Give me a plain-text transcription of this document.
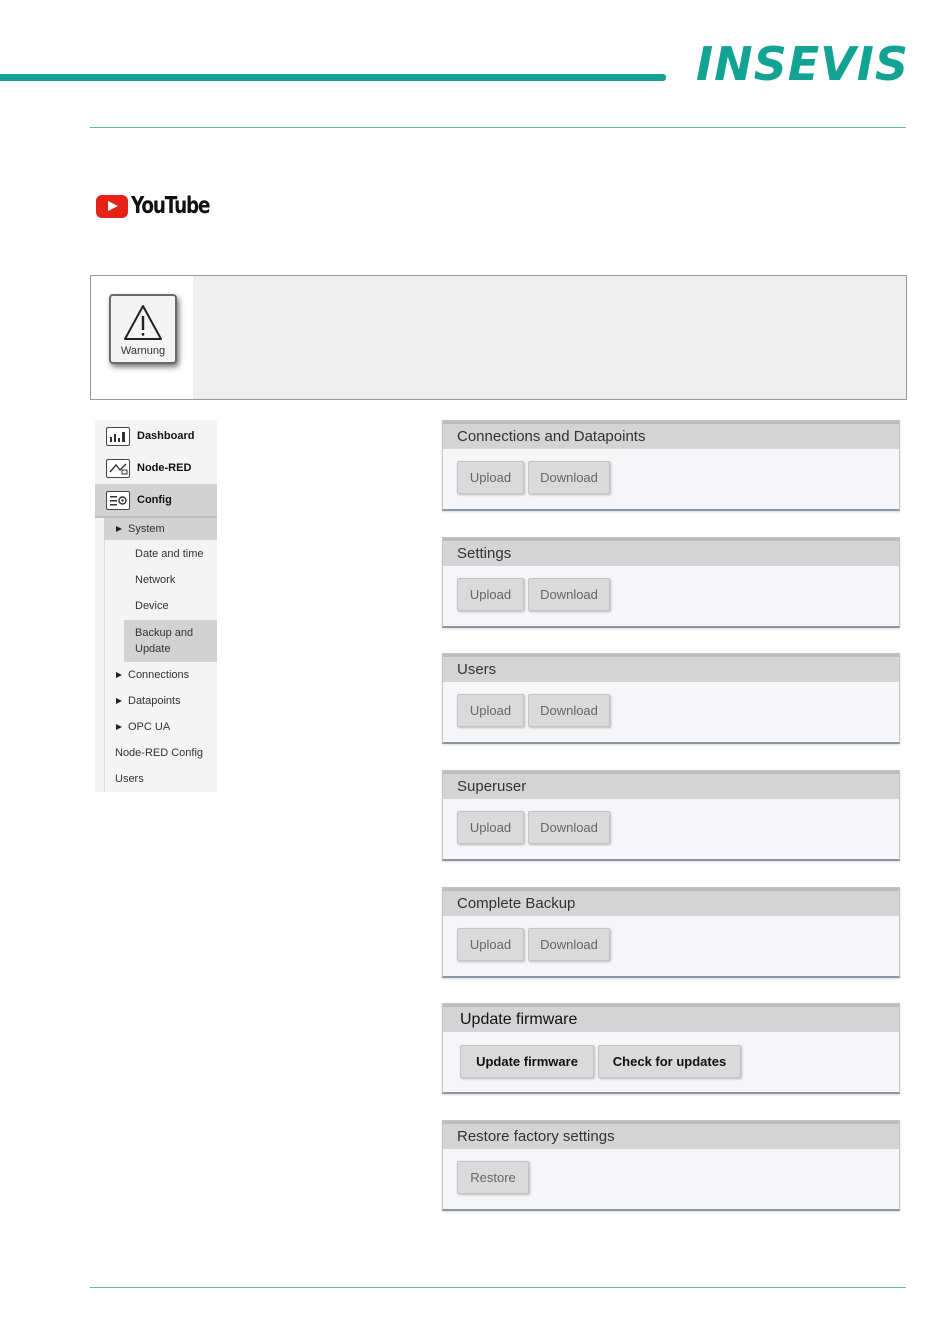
INSEVIS
YouTube
Warnung
Dashboard
Node-RED
Config
System
Date and time
Network
Device
Backup and
Update
Connections
Datapoints
OPC UA
Node-RED Config
Users
Connections and Datapoints
Upload	Download
Settings
Upload	Download
Users
Upload	Download
Superuser
Upload	Download
Complete Backup
Upload	Download
Update firmware
Update firmware	Check for updates
Restore factory settings
Restore
